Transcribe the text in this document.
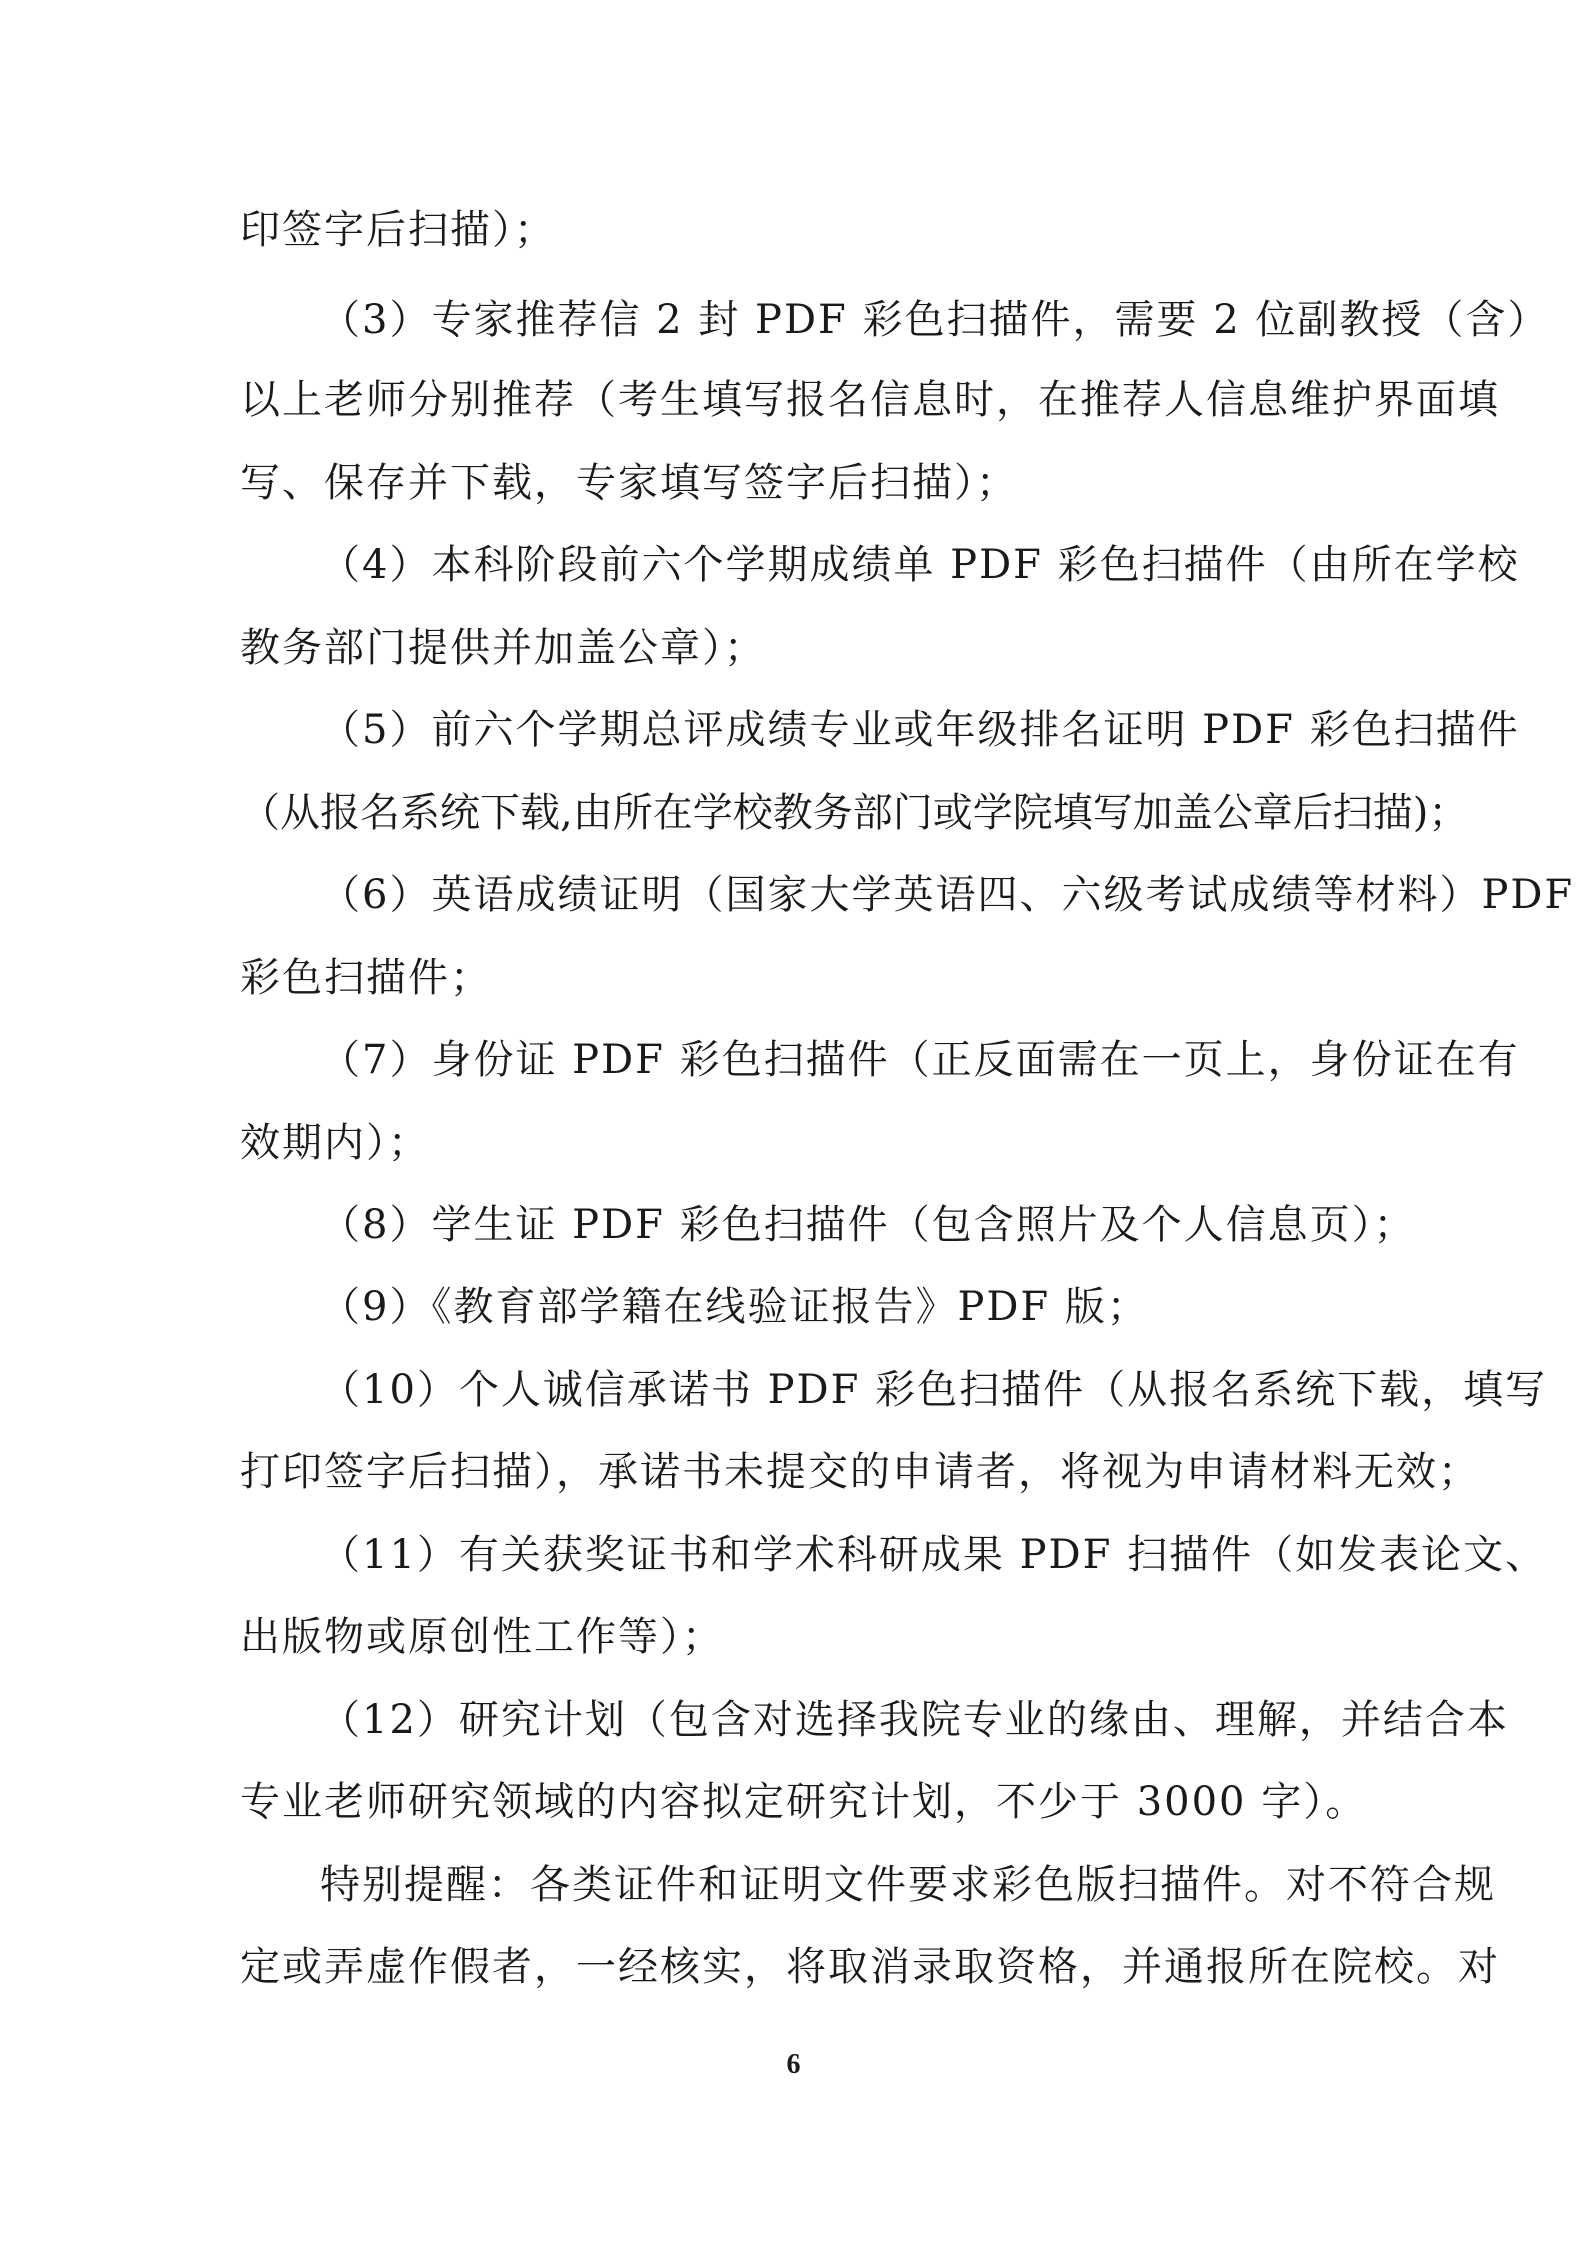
印签字后扫描）；
（3）专家推荐信 2 封 PDF 彩色扫描件，需要 2 位副教授（含）
以上老师分别推荐（考生填写报名信息时，在推荐人信息维护界面填
写、保存并下载，专家填写签字后扫描）；
（4）本科阶段前六个学期成绩单 PDF 彩色扫描件（由所在学校
教务部门提供并加盖公章）；
（5）前六个学期总评成绩专业或年级排名证明 PDF 彩色扫描件
（从报名系统下载,由所在学校教务部门或学院填写加盖公章后扫描)；
（6）英语成绩证明（国家大学英语四、六级考试成绩等材料）PDF
彩色扫描件；
（7）身份证 PDF 彩色扫描件（正反面需在一页上，身份证在有
效期内）；
（8）学生证 PDF 彩色扫描件（包含照片及个人信息页）；
（9）《教育部学籍在线验证报告》PDF 版；
（10）个人诚信承诺书 PDF 彩色扫描件（从报名系统下载，填写
打印签字后扫描），承诺书未提交的申请者，将视为申请材料无效；
（11）有关获奖证书和学术科研成果 PDF 扫描件（如发表论文、
出版物或原创性工作等）；
（12）研究计划（包含对选择我院专业的缘由、理解，并结合本
专业老师研究领域的内容拟定研究计划，不少于 3000 字）。
特别提醒：各类证件和证明文件要求彩色版扫描件。对不符合规
定或弄虚作假者，一经核实，将取消录取资格，并通报所在院校。对
6
